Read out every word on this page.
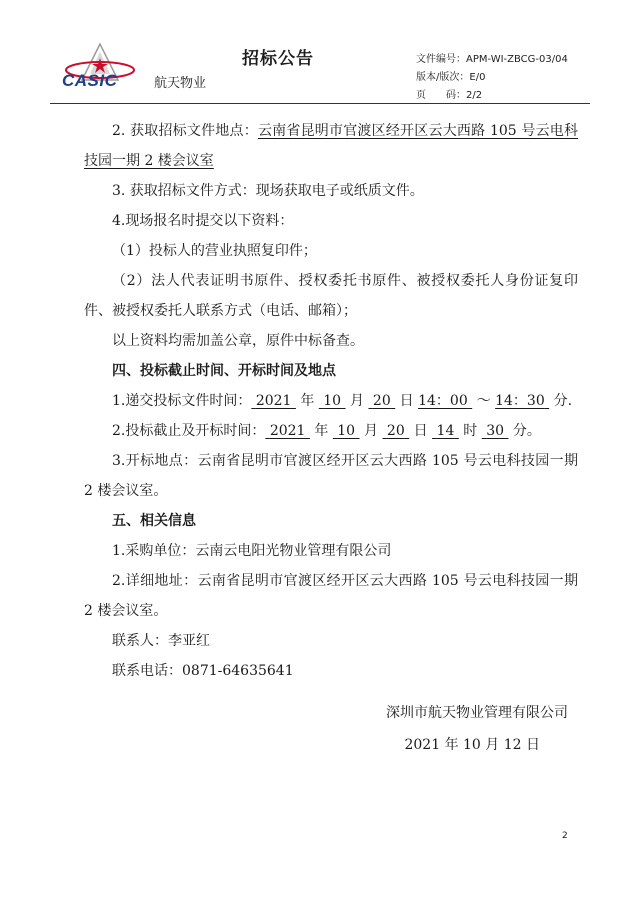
CASIC	航天物业
招标公告	文件编号： APM-WI-ZBCG-03/04
版本/版次： E/0
页　　码： 2/2

2. 获取招标文件地点：云南省昆明市官渡区经开区云大西路 105 号云电科技园一期 2 楼会议室

3. 获取招标文件方式：现场获取电子或纸质文件。

4.现场报名时提交以下资料：

（1）投标人的营业执照复印件；

（2）法人代表证明书原件、授权委托书原件、被授权委托人身份证复印件、被授权委托人联系方式（电话、邮箱）；

以上资料均需加盖公章，原件中标备查。

四、投标截止时间、开标时间及地点

1.递交投标文件时间： 2021  年  10  月  20  日 14：00  ～ 14：30  分.

2.投标截止及开标时间： 2021  年  10  月  20  日  14  时  30  分。

3.开标地点：云南省昆明市官渡区经开区云大西路 105 号云电科技园一期 2 楼会议室。

五、相关信息

1.采购单位：云南云电阳光物业管理有限公司

2.详细地址：云南省昆明市官渡区经开区云大西路 105 号云电科技园一期 2 楼会议室。

联系人：李亚红

联系电话：0871-64635641

深圳市航天物业管理有限公司
2021 年 10 月 12 日
2
